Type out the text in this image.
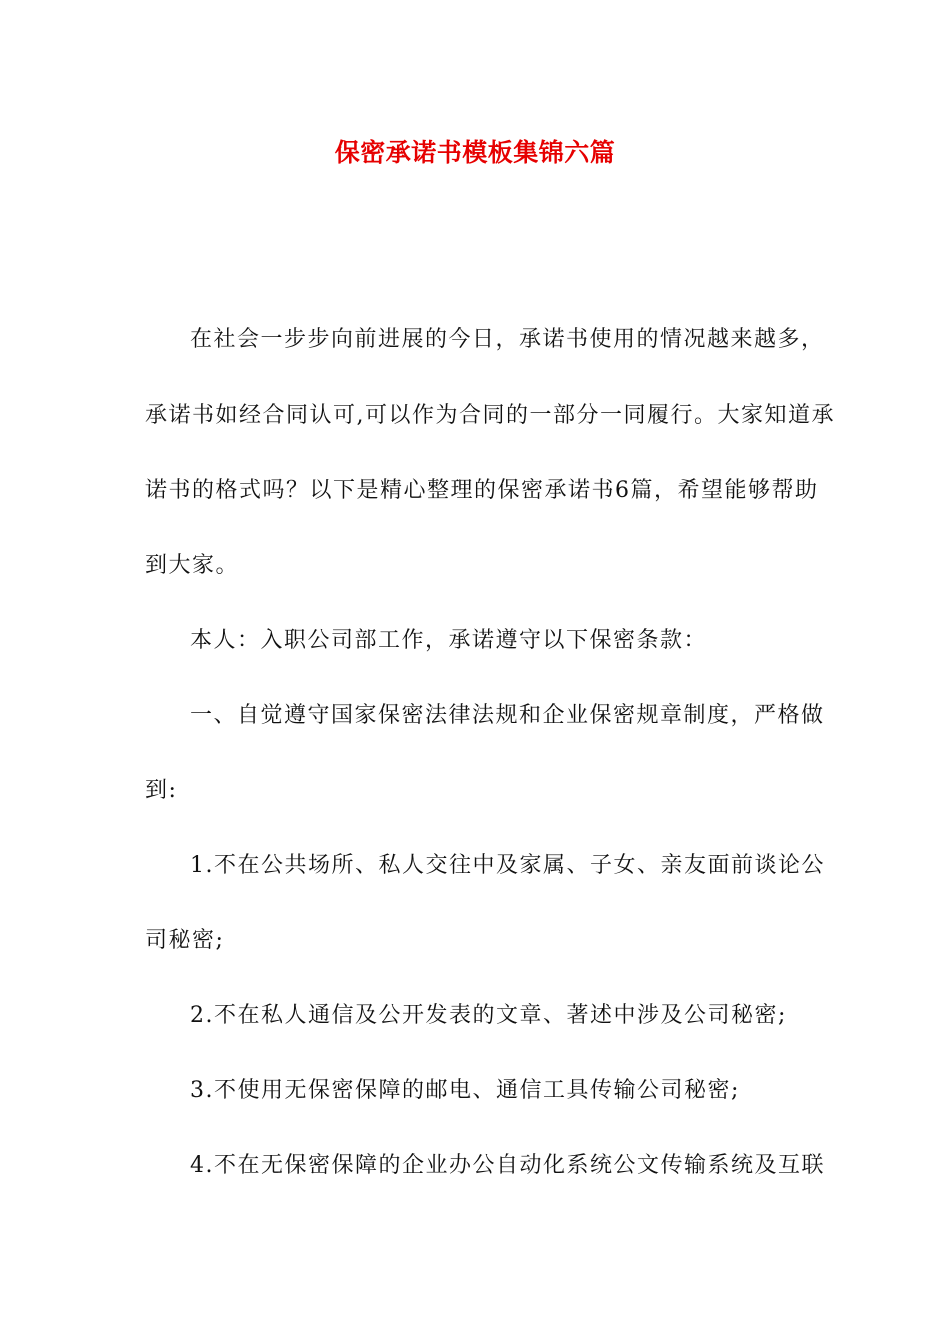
保密承诺书模板集锦六篇
在社会一步步向前进展的今日，承诺书使用的情况越来越多，
承诺书如经合同认可,可以作为合同的一部分一同履行。大家知道承
诺书的格式吗？以下是精心整理的保密承诺书6篇，希望能够帮助
到大家。
本人：入职公司部工作，承诺遵守以下保密条款：
一、自觉遵守国家保密法律法规和企业保密规章制度，严格做
到:
1.不在公共场所、私人交往中及家属、子女、亲友面前谈论公
司秘密;
2.不在私人通信及公开发表的文章、著述中涉及公司秘密;
3.不使用无保密保障的邮电、通信工具传输公司秘密;
4.不在无保密保障的企业办公自动化系统公文传输系统及互联
